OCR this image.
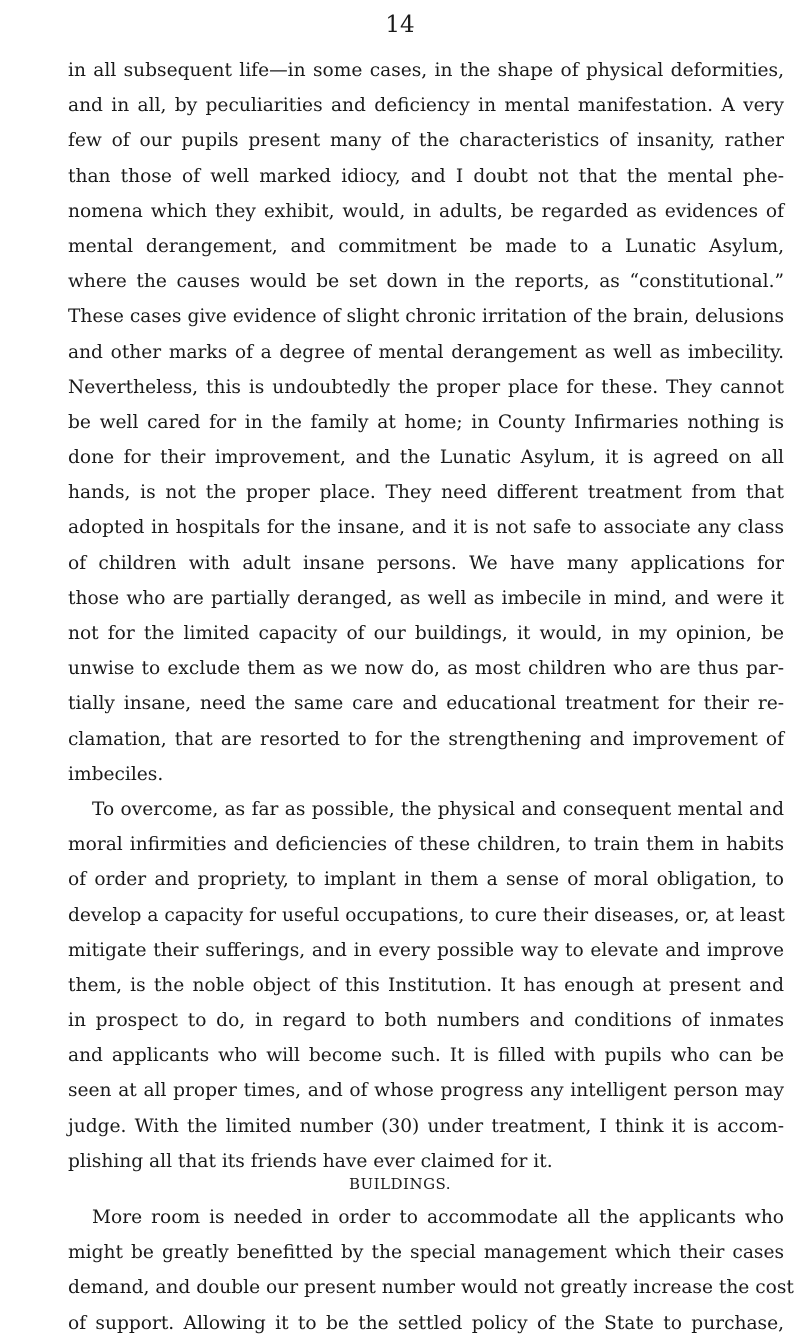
14
in all subsequent life—in some cases, in the shape of physical deformities,
and in all, by peculiarities and deficiency in mental manifestation. A very
few of our pupils present many of the characteristics of insanity, rather
than those of well marked idiocy, and I doubt not that the mental phe-
nomena which they exhibit, would, in adults, be regarded as evidences of
mental derangement, and commitment be made to a Lunatic Asylum,
where the causes would be set down in the reports, as “constitutional.”
These cases give evidence of slight chronic irritation of the brain, delusions
and other marks of a degree of mental derangement as well as imbecility.
Nevertheless, this is undoubtedly the proper place for these. They cannot
be well cared for in the family at home; in County Infirmaries nothing is
done for their improvement, and the Lunatic Asylum, it is agreed on all
hands, is not the proper place. They need different treatment from that
adopted in hospitals for the insane, and it is not safe to associate any class
of children with adult insane persons. We have many applications for
those who are partially deranged, as well as imbecile in mind, and were it
not for the limited capacity of our buildings, it would, in my opinion, be
unwise to exclude them as we now do, as most children who are thus par-
tially insane, need the same care and educational treatment for their re-
clamation, that are resorted to for the strengthening and improvement of
imbeciles.
To overcome, as far as possible, the physical and consequent mental and
moral infirmities and deficiencies of these children, to train them in habits
of order and propriety, to implant in them a sense of moral obligation, to
develop a capacity for useful occupations, to cure their diseases, or, at least
mitigate their sufferings, and in every possible way to elevate and improve
them, is the noble object of this Institution. It has enough at present and
in prospect to do, in regard to both numbers and conditions of inmates
and applicants who will become such. It is filled with pupils who can be
seen at all proper times, and of whose progress any intelligent person may
judge. With the limited number (30) under treatment, I think it is accom-
plishing all that its friends have ever claimed for it.
BUILDINGS.
More room is needed in order to accommodate all the applicants who
might be greatly benefitted by the special management which their cases
demand, and double our present number would not greatly increase the cost
of support. Allowing it to be the settled policy of the State to purchase,
